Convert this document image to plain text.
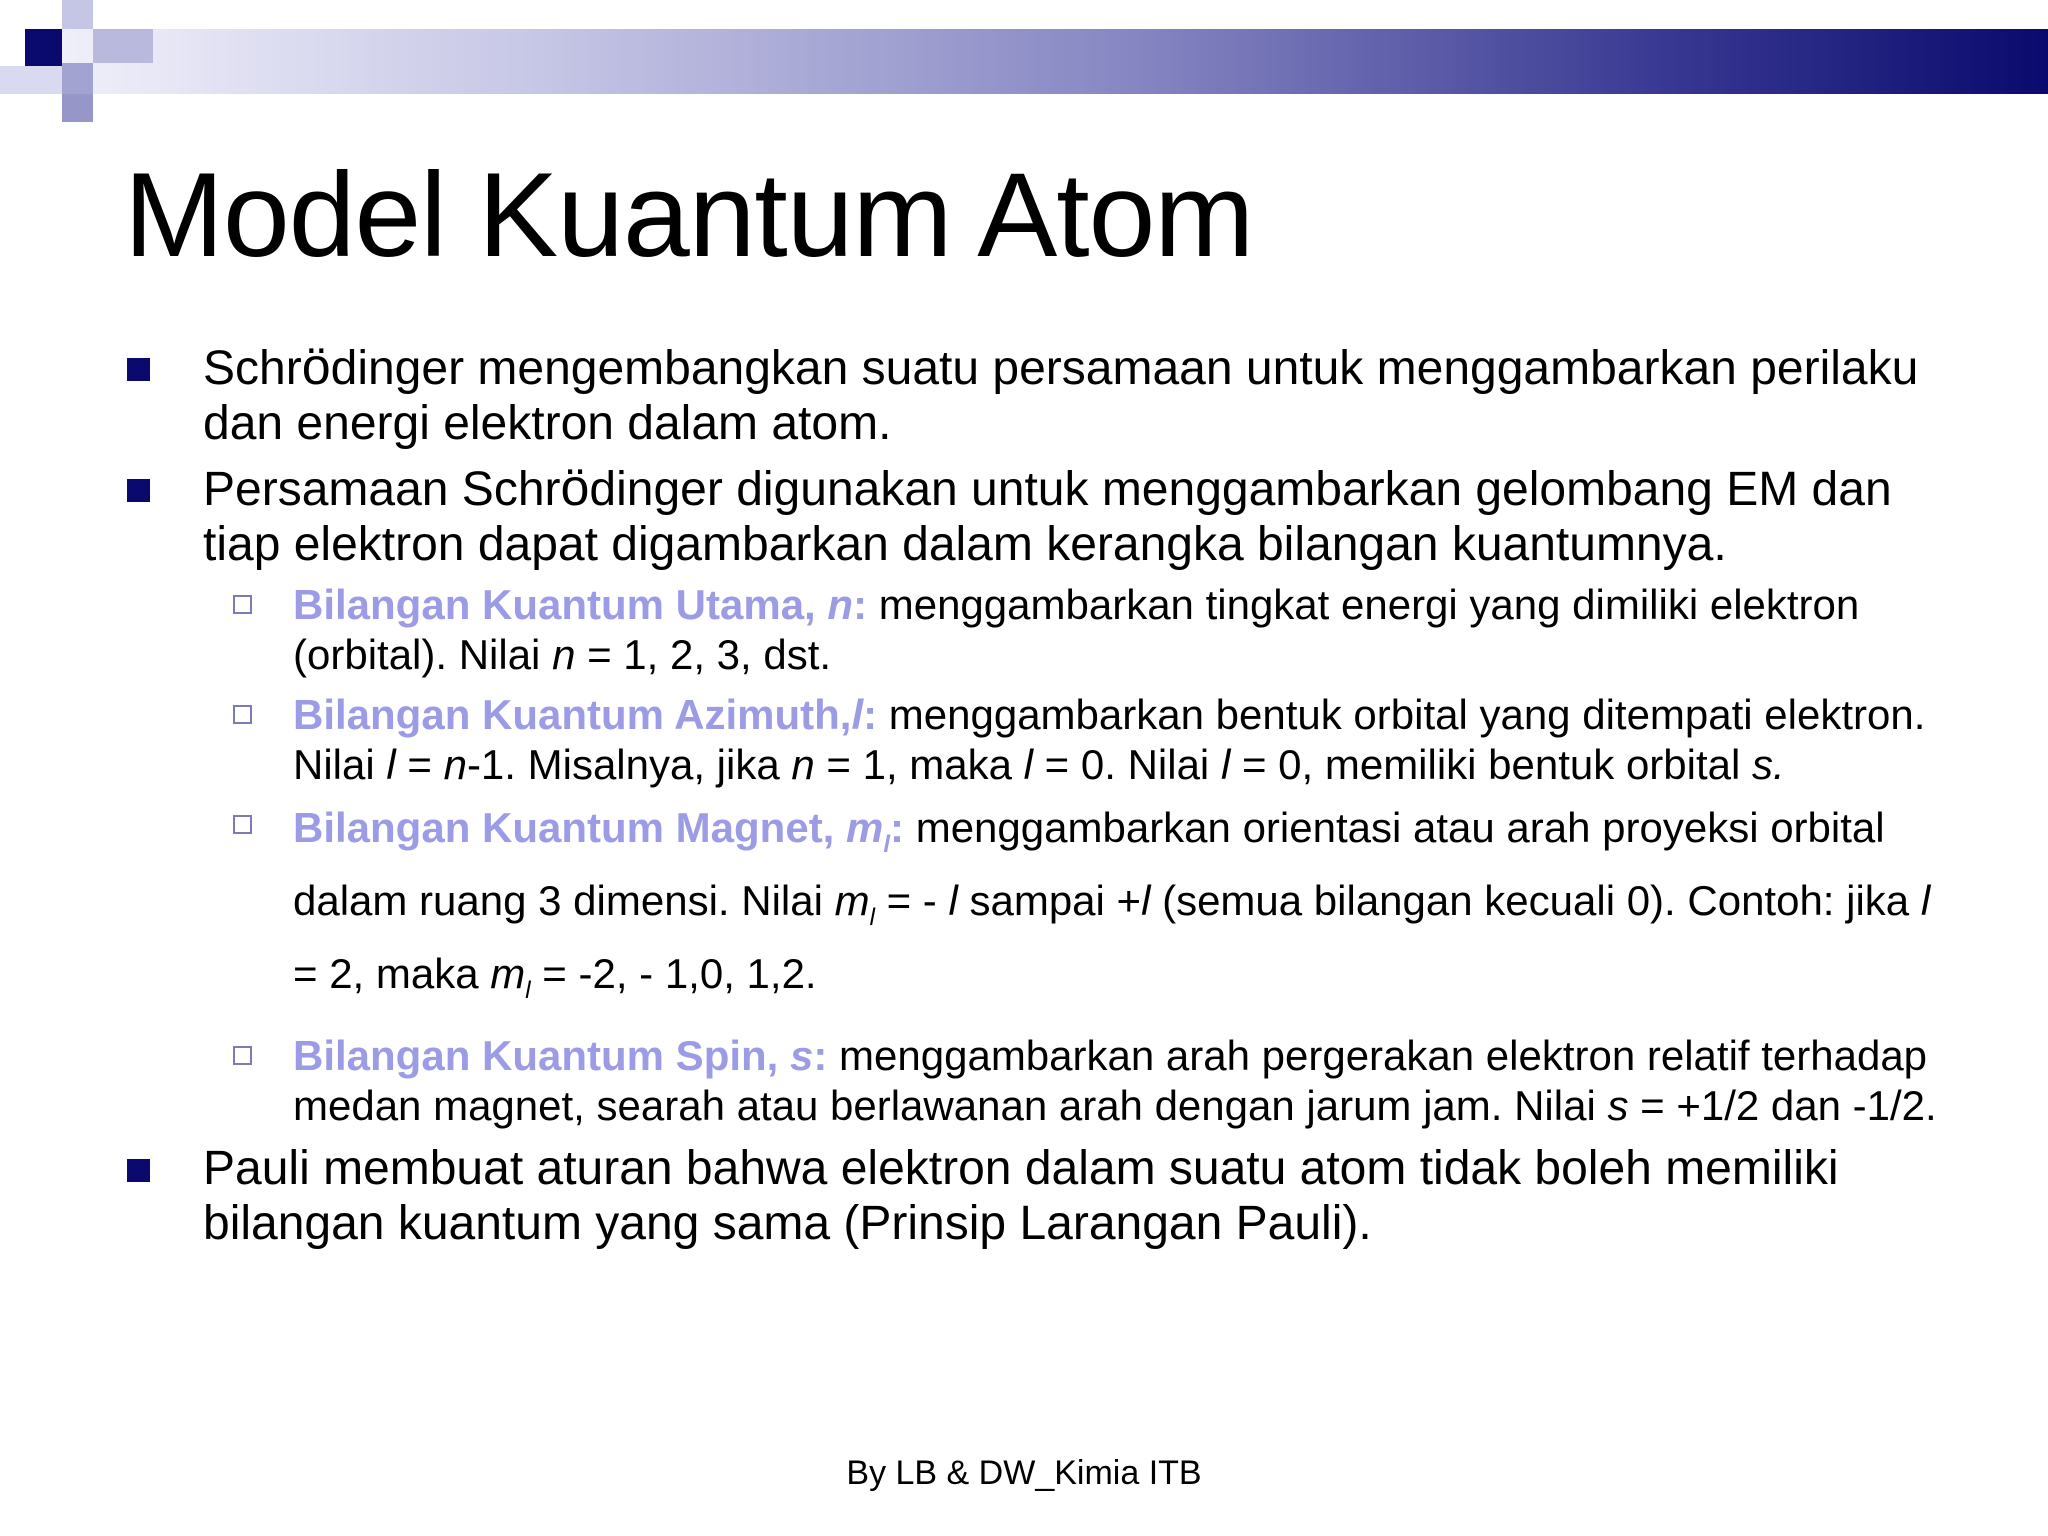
Model Kuantum Atom
Schrödinger mengembangkan suatu persamaan untuk menggambarkan perilaku dan energi elektron dalam atom.
Persamaan Schrödinger digunakan untuk menggambarkan gelombang EM dan tiap elektron dapat digambarkan dalam kerangka bilangan kuantumnya.
Bilangan Kuantum Utama, n: menggambarkan tingkat energi yang dimiliki elektron (orbital). Nilai n = 1, 2, 3, dst.
Bilangan Kuantum Azimuth,l: menggambarkan bentuk orbital yang ditempati elektron. Nilai l = n-1. Misalnya, jika n = 1, maka l = 0. Nilai l = 0, memiliki bentuk orbital s.
Bilangan Kuantum Magnet, $m_l$: menggambarkan orientasi atau arah proyeksi orbital dalam ruang 3 dimensi. Nilai $m_l$ = - l sampai +l (semua bilangan kecuali 0). Contoh: jika l = 2, maka $m_l = -2$, - 1,0, 1,2.
Bilangan Kuantum Spin, s: menggambarkan arah pergerakan elektron relatif terhadap medan magnet, searah atau berlawanan arah dengan jarum jam. Nilai s = +1/2 dan -1/2.
Pauli membuat aturan bahwa elektron dalam suatu atom tidak boleh memiliki bilangan kuantum yang sama (Prinsip Larangan Pauli).
By LB & DW_Kimia ITB
